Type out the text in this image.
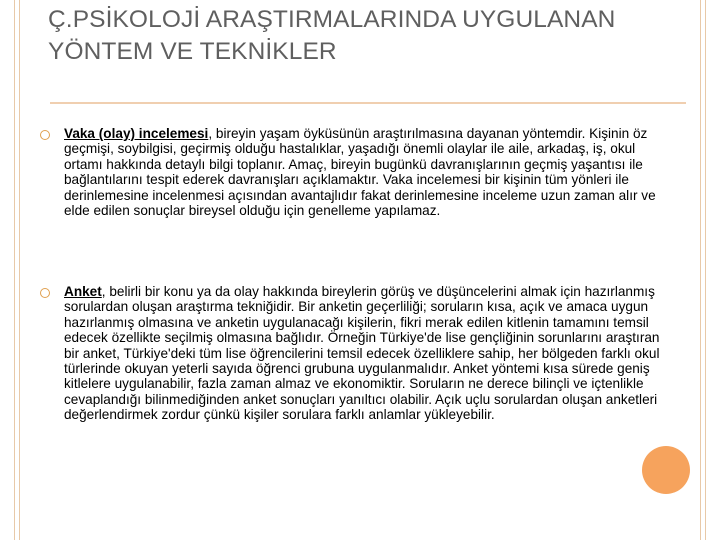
Ç.PSİKOLOJİ ARAŞTIRMALARINDA UYGULANAN
YÖNTEM VE TEKNİKLER
Vaka (olay) incelemesi, bireyin yaşam öyküsünün araştırılmasına dayanan yöntemdir. Kişinin öz geçmişi, soybilgisi, geçirmiş olduğu hastalıklar, yaşadığı önemli olaylar ile aile, arkadaş, iş, okul ortamı hakkında detaylı bilgi toplanır. Amaç, bireyin bugünkü davranışlarının geçmiş yaşantısı ile bağlantılarını tespit ederek davranışları açıklamaktır. Vaka incelemesi bir kişinin tüm yönleri ile derinlemesine incelenmesi açısından avantajlıdır fakat derinlemesine inceleme uzun zaman alır ve elde edilen sonuçlar bireysel olduğu için genelleme yapılamaz.
Anket, belirli bir konu ya da olay hakkında bireylerin görüş ve düşüncelerini almak için hazırlanmış sorulardan oluşan araştırma tekniğidir. Bir anketin geçerliliği; soruların kısa, açık ve amaca uygun hazırlanmış olmasına ve anketin uygulanacağı kişilerin, fikri merak edilen kitlenin tamamını temsil edecek özellikte seçilmiş olmasına bağlıdır. Örneğin Türkiye'de lise gençliğinin sorunlarını araştıran bir anket, Türkiye'deki tüm lise öğrencilerini temsil edecek özelliklere sahip, her bölgeden farklı okul türlerinde okuyan yeterli sayıda öğrenci grubuna uygulanmalıdır. Anket yöntemi kısa sürede geniş kitlelere uygulanabilir, fazla zaman almaz ve ekonomiktir. Soruların ne derece bilinçli ve içtenlikle cevaplandığı bilinmediğinden anket sonuçları yanıltıcı olabilir. Açık uçlu sorulardan oluşan anketleri değerlendirmek zordur çünkü kişiler sorulara farklı anlamlar yükleyebilir.
